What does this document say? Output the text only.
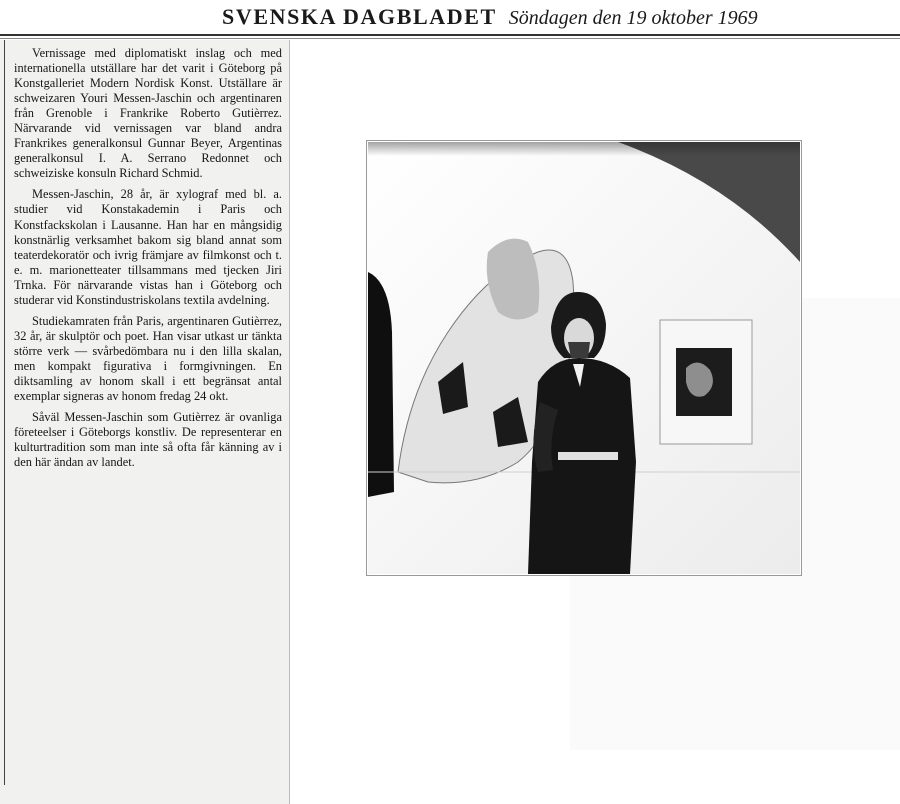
SVENSKA DAGBLADET Söndagen den 19 oktober 1969

Vernissage med diplomatiskt inslag och med internationella utställare har det varit i Göteborg på Konstgalleriet Modern Nordisk Konst. Utställare är schweizaren Youri Messen-Jaschin och argentinaren från Grenoble i Frankrike Roberto Gutièrrez. Närvarande vid vernissagen var bland andra Frankrikes generalkonsul Gunnar Beyer, Argentinas generalkonsul I. A. Serrano Redonnet och schweiziske konsuln Richard Schmid.

Messen-Jaschin, 28 år, är xylograf med bl. a. studier vid Konstakademin i Paris och Konstfackskolan i Lausanne. Han har en mångsidig konstnärlig verksamhet bakom sig bland annat som teaterdekoratör och ivrig främjare av filmkonst och t. e. m. marionetteater tillsammans med tjecken Jiri Trnka. För närvarande vistas han i Göteborg och studerar vid Konstindustriskolans textila avdelning.

Studiekamraten från Paris, argentinaren Gutièrrez, 32 år, är skulptör och poet. Han visar utkast ur tänkta större verk — svårbedömbara nu i den lilla skalan, men kompakt figurativa i formgivningen. En diktsamling av honom skall i ett begränsat antal exemplar signeras av honom fredag 24 okt.

Såväl Messen-Jaschin som Gutièrrez är ovanliga företeelser i Göteborgs konstliv. De representerar en kulturtradition som man inte så ofta får känning av i den här ändan av landet.
